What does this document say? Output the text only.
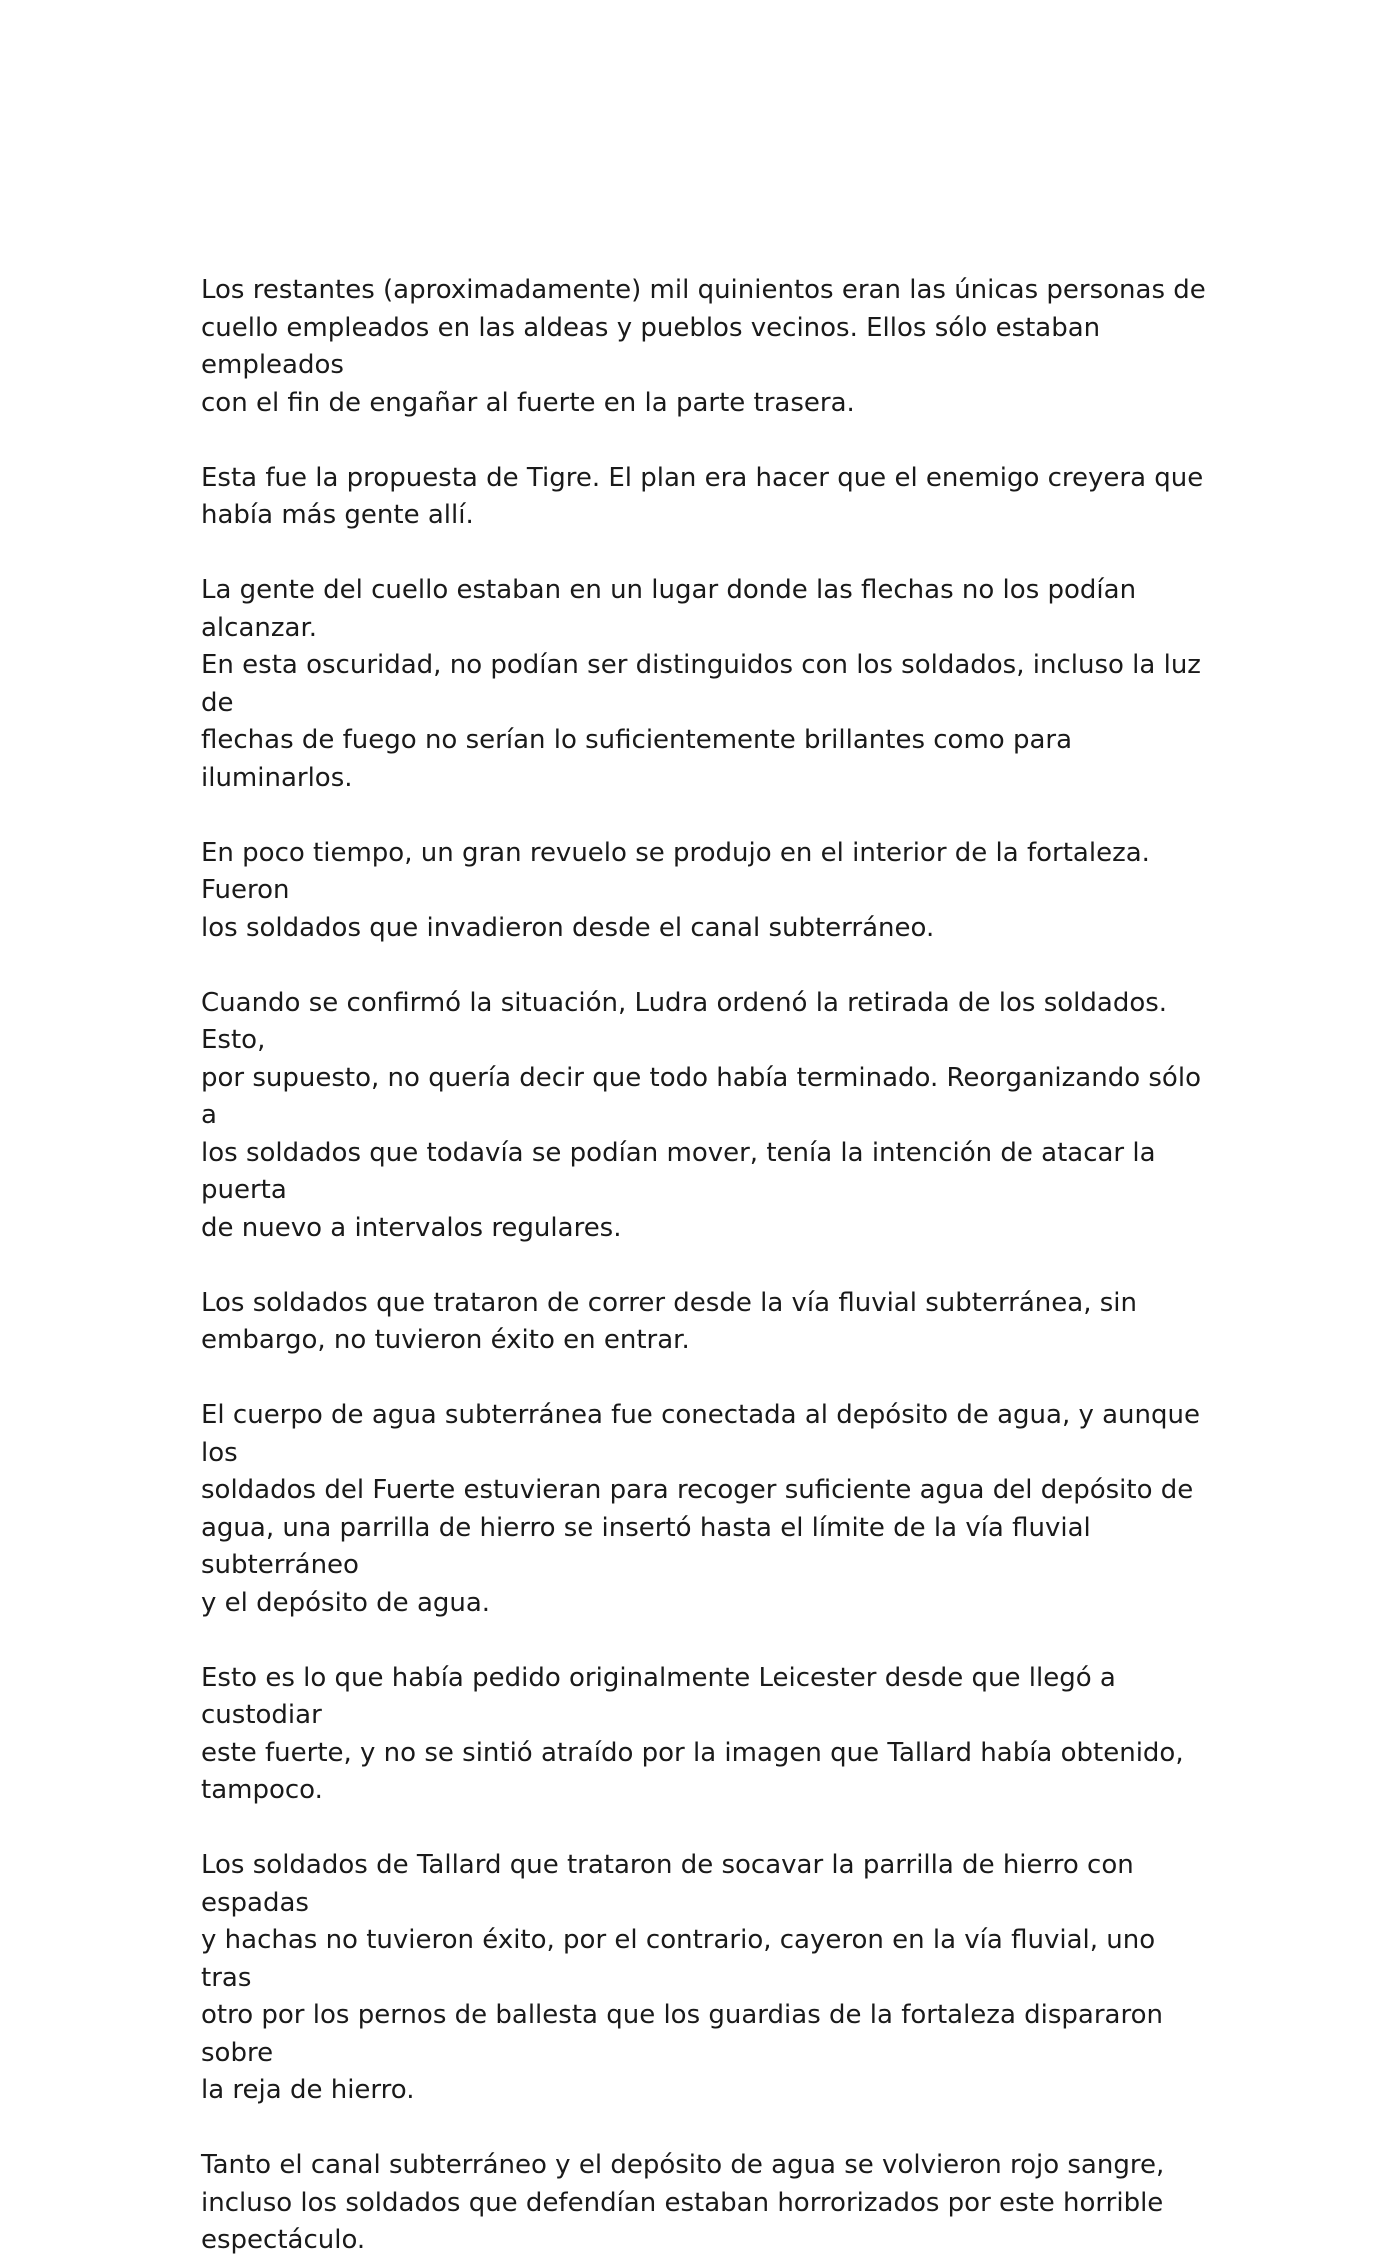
Los restantes (aproximadamente) mil quinientos eran las únicas personas de
cuello empleados en las aldeas y pueblos vecinos. Ellos sólo estaban empleados
con el fin de engañar al fuerte en la parte trasera.

Esta fue la propuesta de Tigre. El plan era hacer que el enemigo creyera que
había más gente allí.

La gente del cuello estaban en un lugar donde las flechas no los podían alcanzar.
En esta oscuridad, no podían ser distinguidos con los soldados, incluso la luz de
flechas de fuego no serían lo suficientemente brillantes como para iluminarlos.

En poco tiempo, un gran revuelo se produjo en el interior de la fortaleza. Fueron
los soldados que invadieron desde el canal subterráneo.

Cuando se confirmó la situación, Ludra ordenó la retirada de los soldados. Esto,
por supuesto, no quería decir que todo había terminado. Reorganizando sólo a
los soldados que todavía se podían mover, tenía la intención de atacar la puerta
de nuevo a intervalos regulares.

Los soldados que trataron de correr desde la vía fluvial subterránea, sin
embargo, no tuvieron éxito en entrar.

El cuerpo de agua subterránea fue conectada al depósito de agua, y aunque los
soldados del Fuerte estuvieran para recoger suficiente agua del depósito de
agua, una parrilla de hierro se insertó hasta el límite de la vía fluvial subterráneo
y el depósito de agua.

Esto es lo que había pedido originalmente Leicester desde que llegó a custodiar
este fuerte, y no se sintió atraído por la imagen que Tallard había obtenido,
tampoco.

Los soldados de Tallard que trataron de socavar la parrilla de hierro con espadas
y hachas no tuvieron éxito, por el contrario, cayeron en la vía fluvial, uno tras
otro por los pernos de ballesta que los guardias de la fortaleza dispararon sobre
la reja de hierro.

Tanto el canal subterráneo y el depósito de agua se volvieron rojo sangre,
incluso los soldados que defendían estaban horrorizados por este horrible
espectáculo.
